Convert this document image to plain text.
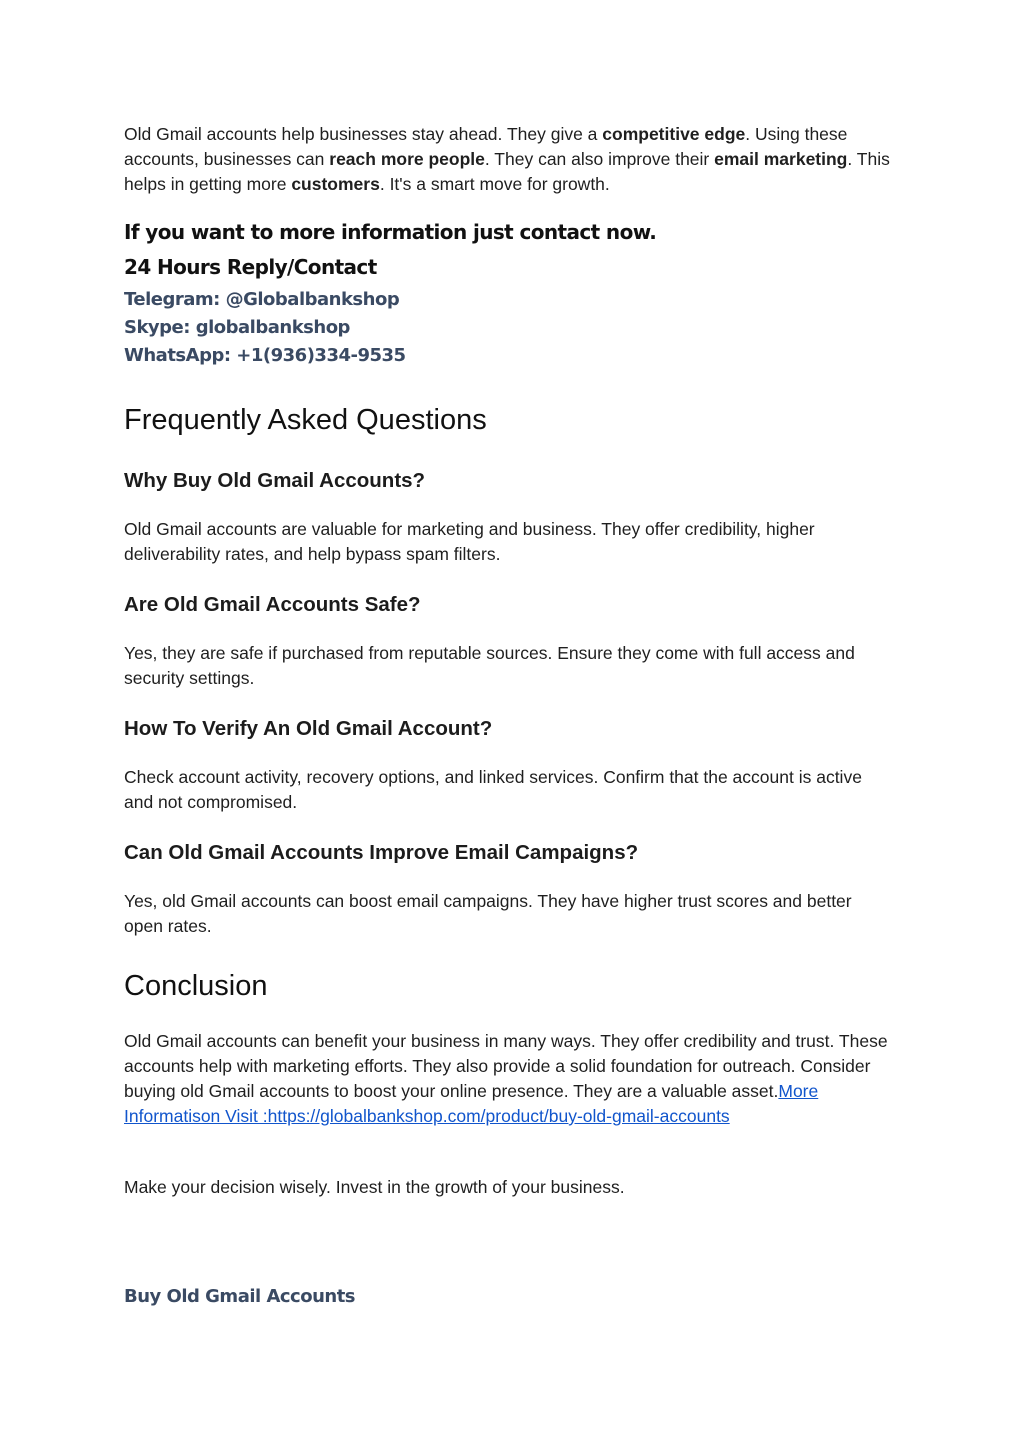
Old Gmail accounts help businesses stay ahead. They give a competitive edge. Using these accounts, businesses can reach more people. They can also improve their email marketing. This helps in getting more customers. It's a smart move for growth.

If you want to more information just contact now.

24 Hours Reply/Contact

Telegram: @Globalbankshop

Skype: globalbankshop

WhatsApp: +1(936)334-9535

Frequently Asked Questions
Why Buy Old Gmail Accounts?

Old Gmail accounts are valuable for marketing and business. They offer credibility, higher deliverability rates, and help bypass spam filters.

Are Old Gmail Accounts Safe?

Yes, they are safe if purchased from reputable sources. Ensure they come with full access and security settings.

How To Verify An Old Gmail Account?

Check account activity, recovery options, and linked services. Confirm that the account is active and not compromised.

Can Old Gmail Accounts Improve Email Campaigns?

Yes, old Gmail accounts can boost email campaigns. They have higher trust scores and better open rates.

Conclusion

Old Gmail accounts can benefit your business in many ways. They offer credibility and trust. These accounts help with marketing efforts. They also provide a solid foundation for outreach. Consider buying old Gmail accounts to boost your online presence. They are a valuable asset.More Informatison Visit :https://globalbankshop.com/product/buy-old-gmail-accounts

Make your decision wisely. Invest in the growth of your business.

Buy Old Gmail Accounts
